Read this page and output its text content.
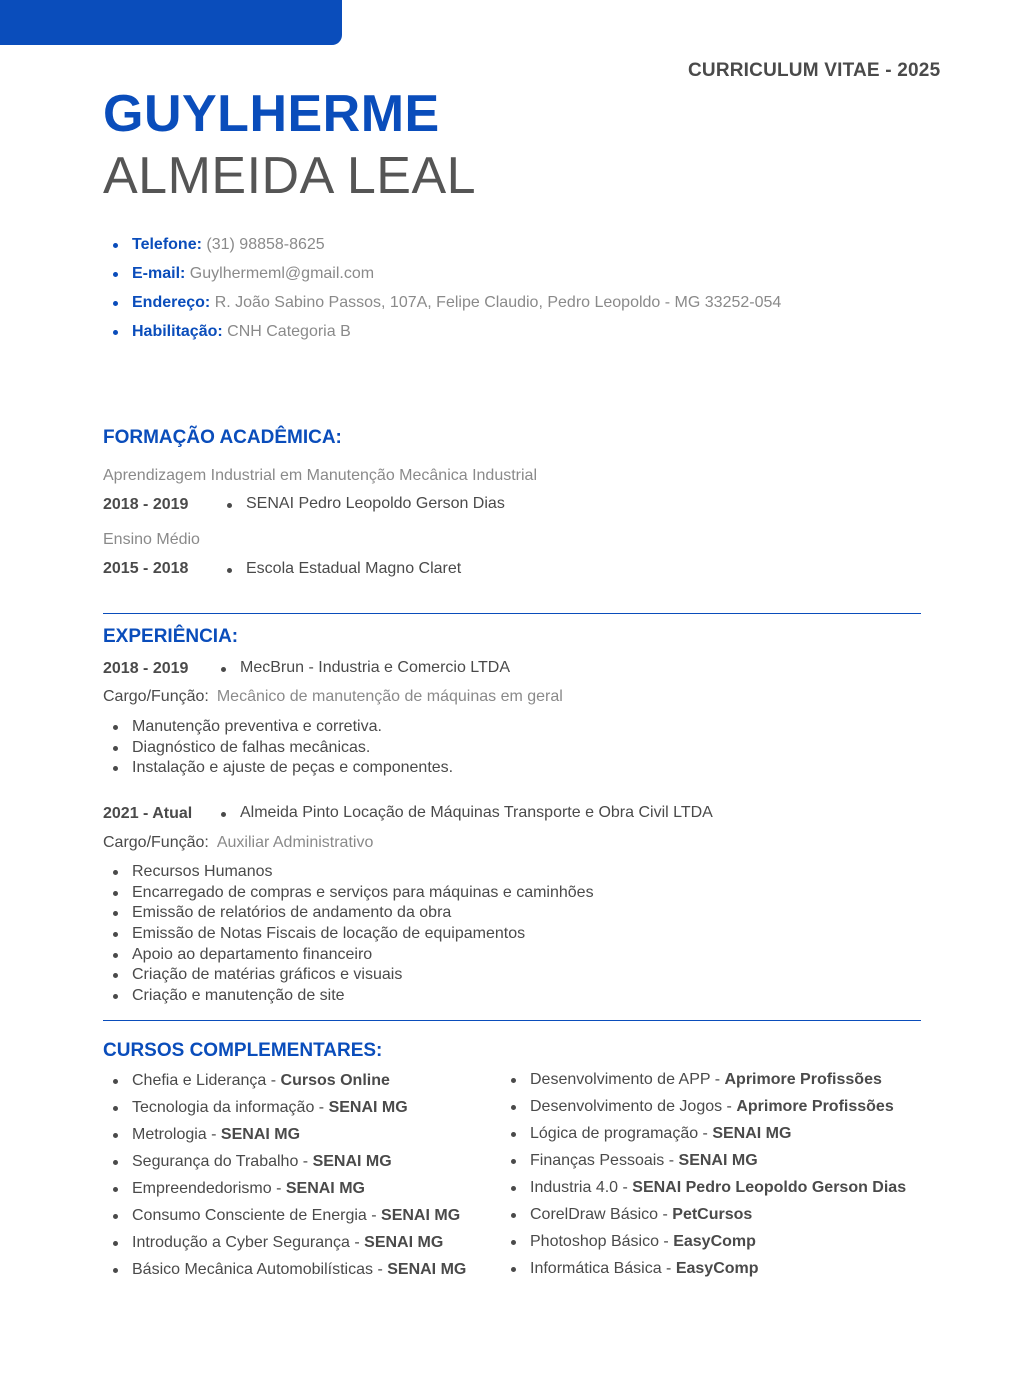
CURRICULUM VITAE - 2025
GUYLHERME
ALMEIDA LEAL
Telefone: (31) 98858-8625
E-mail: Guylhermeml@gmail.com
Endereço: R. João Sabino Passos, 107A, Felipe Claudio, Pedro Leopoldo - MG 33252-054
Habilitação: CNH Categoria B
FORMAÇÃO ACADÊMICA:
Aprendizagem Industrial em Manutenção Mecânica Industrial
2018 - 2019	SENAI Pedro Leopoldo Gerson Dias
Ensino Médio
2015 - 2018	Escola Estadual Magno Claret
EXPERIÊNCIA:
2018 - 2019	MecBrun - Industria e Comercio LTDA
Cargo/Função: Mecânico de manutenção de máquinas em geral
Manutenção preventiva e corretiva.
Diagnóstico de falhas mecânicas.
Instalação e ajuste de peças e componentes.
2021 - Atual	Almeida Pinto Locação de Máquinas Transporte e Obra Civil LTDA
Cargo/Função: Auxiliar Administrativo
Recursos Humanos
Encarregado de compras e serviços para máquinas e caminhões
Emissão de relatórios de andamento da obra
Emissão de Notas Fiscais de locação de equipamentos
Apoio ao departamento financeiro
Criação de matérias gráficos e visuais
Criação e manutenção de site
CURSOS COMPLEMENTARES:
Chefia e Liderança - Cursos Online
Tecnologia da informação - SENAI MG
Metrologia - SENAI MG
Segurança do Trabalho - SENAI MG
Empreendedorismo - SENAI MG
Consumo Consciente de Energia - SENAI MG
Introdução a Cyber Segurança - SENAI MG
Básico Mecânica Automobilísticas - SENAI MG
Desenvolvimento de APP - Aprimore Profissões
Desenvolvimento de Jogos - Aprimore Profissões
Lógica de programação - SENAI MG
Finanças Pessoais - SENAI MG
Industria 4.0 - SENAI Pedro Leopoldo Gerson Dias
CorelDraw Básico - PetCursos
Photoshop Básico - EasyComp
Informática Básica - EasyComp
